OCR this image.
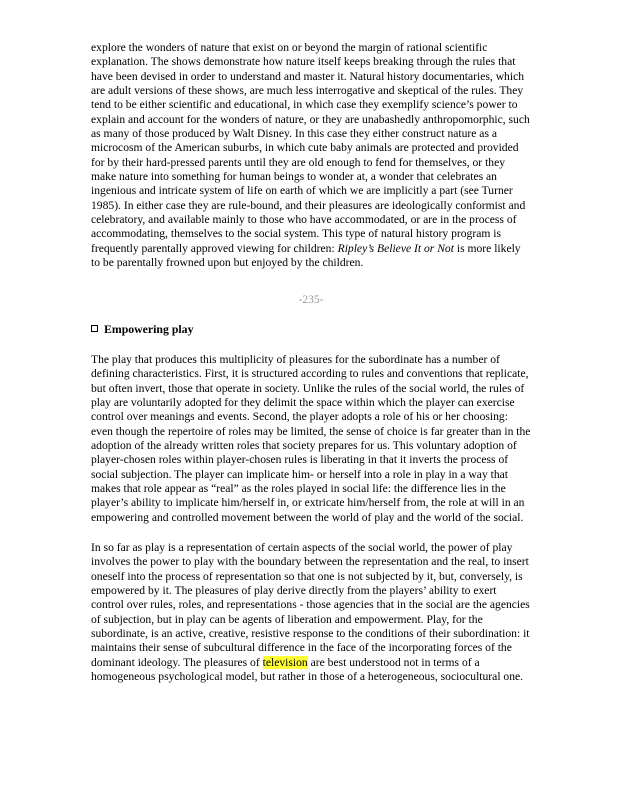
explore the wonders of nature that exist on or beyond the margin of rational scientific explanation. The shows demonstrate how nature itself keeps breaking through the rules that have been devised in order to understand and master it. Natural history documentaries, which are adult versions of these shows, are much less interrogative and skeptical of the rules. They tend to be either scientific and educational, in which case they exemplify science’s power to explain and account for the wonders of nature, or they are unabashedly anthropomorphic, such as many of those produced by Walt Disney. In this case they either construct nature as a microcosm of the American suburbs, in which cute baby animals are protected and provided for by their hard-pressed parents until they are old enough to fend for themselves, or they make nature into something for human beings to wonder at, a wonder that celebrates an ingenious and intricate system of life on earth of which we are implicitly a part (see Turner 1985). In either case they are rule-bound, and their pleasures are ideologically conformist and celebratory, and available mainly to those who have accommodated, or are in the process of accommodating, themselves to the social system. This type of natural history program is frequently parentally approved viewing for children: Ripley’s Believe It or Not is more likely to be parentally frowned upon but enjoyed by the children.

-235-
Empowering play

The play that produces this multiplicity of pleasures for the subordinate has a number of defining characteristics. First, it is structured according to rules and conventions that replicate, but often invert, those that operate in society. Unlike the rules of the social world, the rules of play are voluntarily adopted for they delimit the space within which the player can exercise control over meanings and events. Second, the player adopts a role of his or her choosing: even though the repertoire of roles may be limited, the sense of choice is far greater than in the adoption of the already written roles that society prepares for us. This voluntary adoption of player-chosen roles within player-chosen rules is liberating in that it inverts the process of social subjection. The player can implicate him- or herself into a role in play in a way that makes that role appear as “real” as the roles played in social life: the difference lies in the player’s ability to implicate him/herself in, or extricate him/herself from, the role at will in an empowering and controlled movement between the world of play and the world of the social.

In so far as play is a representation of certain aspects of the social world, the power of play involves the power to play with the boundary between the representation and the real, to insert oneself into the process of representation so that one is not subjected by it, but, conversely, is empowered by it. The pleasures of play derive directly from the players’ ability to exert control over rules, roles, and representations - those agencies that in the social are the agencies of subjection, but in play can be agents of liberation and empowerment. Play, for the subordinate, is an active, creative, resistive response to the conditions of their subordination: it maintains their sense of subcultural difference in the face of the incorporating forces of the dominant ideology. The pleasures of television are best understood not in terms of a homogeneous psychological model, but rather in those of a heterogeneous, sociocultural one.
